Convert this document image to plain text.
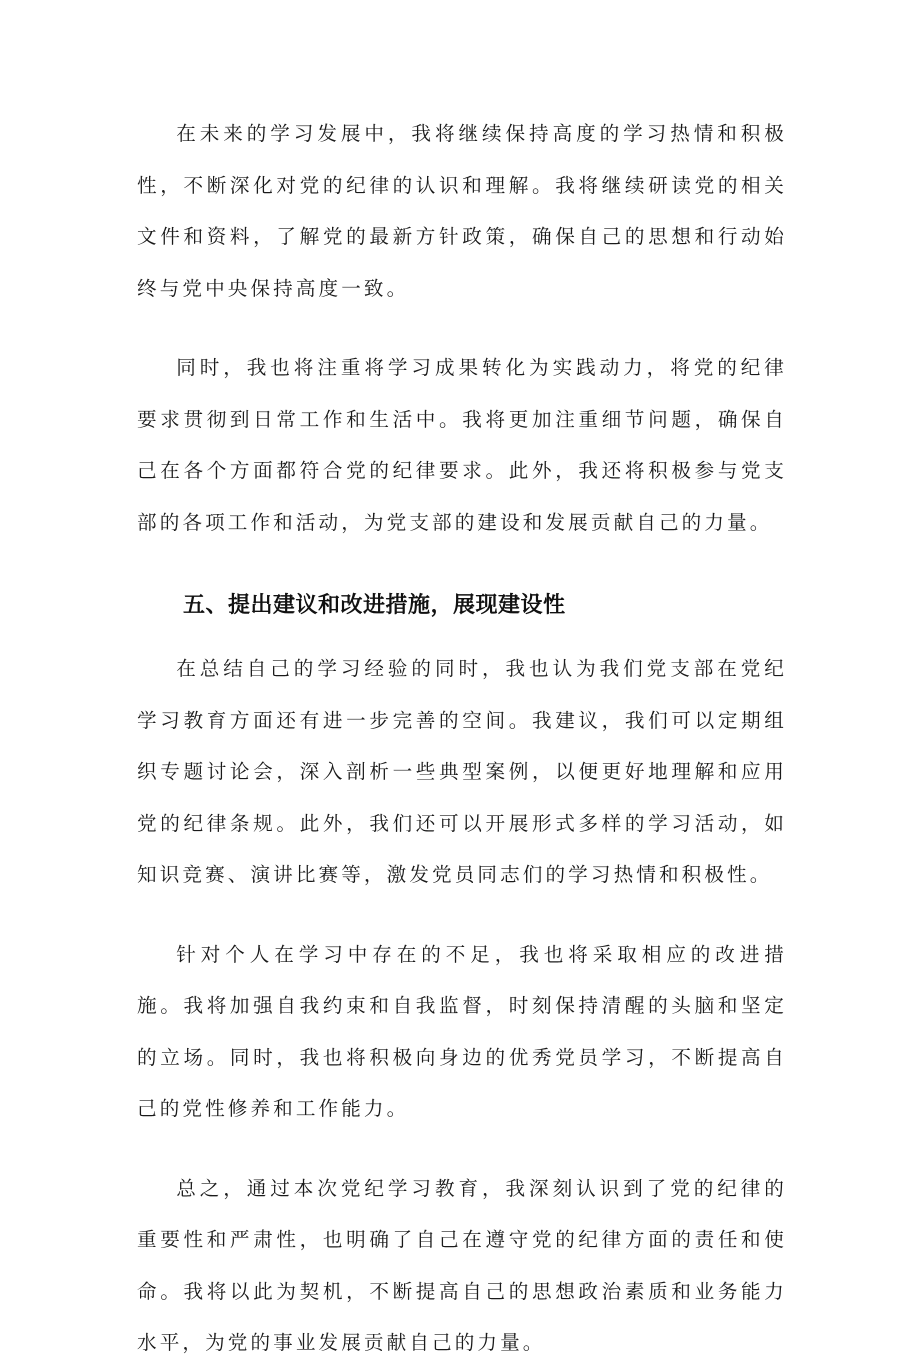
在未来的学习发展中，我将继续保持高度的学习热情和积极性，不断深化对党的纪律的认识和理解。我将继续研读党的相关文件和资料，了解党的最新方针政策，确保自己的思想和行动始终与党中央保持高度一致。

同时，我也将注重将学习成果转化为实践动力，将党的纪律要求贯彻到日常工作和生活中。我将更加注重细节问题，确保自己在各个方面都符合党的纪律要求。此外，我还将积极参与党支部的各项工作和活动，为党支部的建设和发展贡献自己的力量。

五、提出建议和改进措施，展现建设性

在总结自己的学习经验的同时，我也认为我们党支部在党纪学习教育方面还有进一步完善的空间。我建议，我们可以定期组织专题讨论会，深入剖析一些典型案例，以便更好地理解和应用党的纪律条规。此外，我们还可以开展形式多样的学习活动，如知识竞赛、演讲比赛等，激发党员同志们的学习热情和积极性。

针对个人在学习中存在的不足，我也将采取相应的改进措施。我将加强自我约束和自我监督，时刻保持清醒的头脑和坚定的立场。同时，我也将积极向身边的优秀党员学习，不断提高自己的党性修养和工作能力。

总之，通过本次党纪学习教育，我深刻认识到了党的纪律的重要性和严肃性，也明确了自己在遵守党的纪律方面的责任和使命。我将以此为契机，不断提高自己的思想政治素质和业务能力水平，为党的事业发展贡献自己的力量。
